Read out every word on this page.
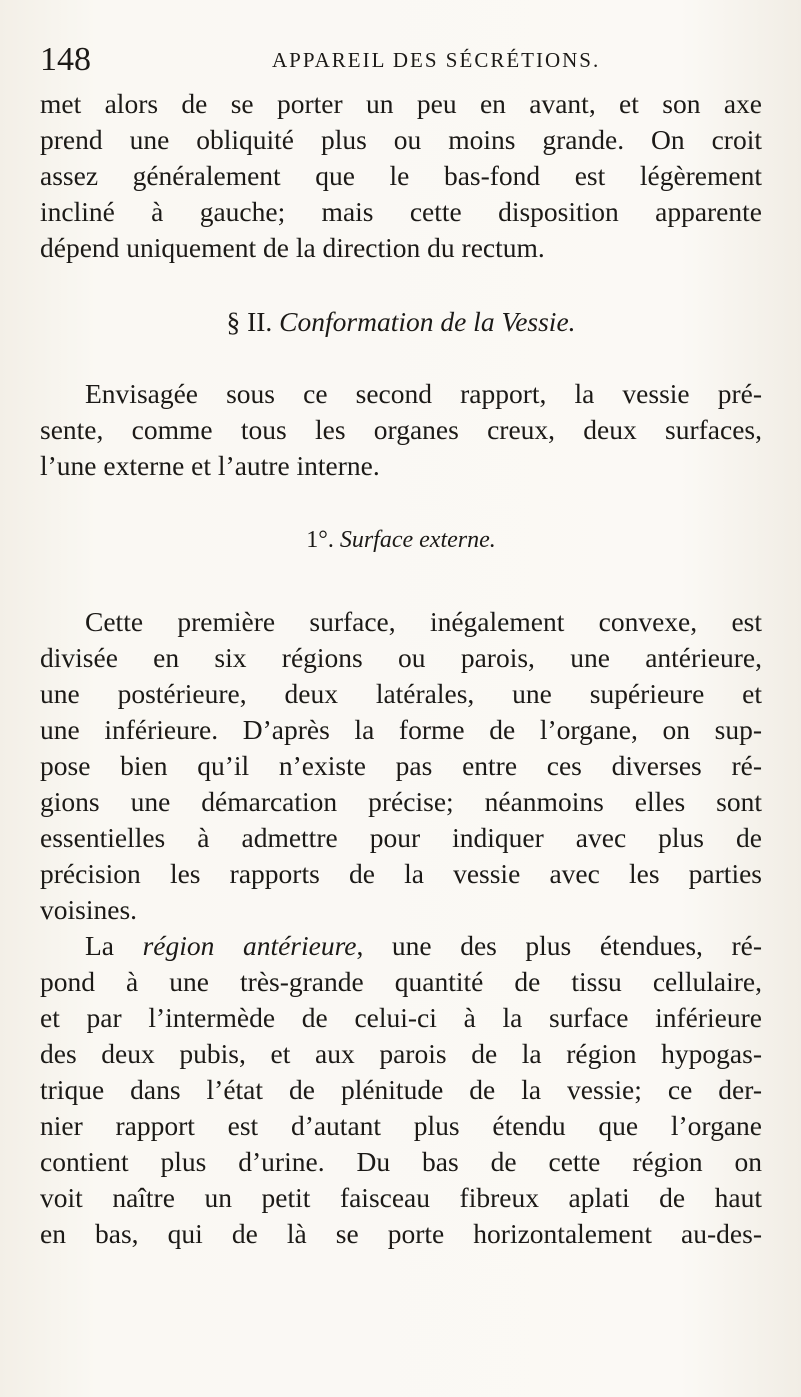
148	APPAREIL DES SÉCRÉTIONS.

met alors de se porter un peu en avant, et son axe
prend une obliquité plus ou moins grande. On croit
assez généralement que le bas-fond est légèrement
incliné à gauche; mais cette disposition apparente

dépend uniquement de la direction du rectum.

§ II. Conformation de la Vessie.

Envisagée sous ce second rapport, la vessie pré-

sente, comme tous les organes creux, deux surfaces,

l’une externe et l’autre interne.

1°. Surface externe.

Cette première surface, inégalement convexe, est

divisée en six régions ou parois, une antérieure,
une postérieure, deux latérales, une supérieure et
une inférieure. D’après la forme de l’organe, on sup-
pose bien qu’il n’existe pas entre ces diverses ré-
gions une démarcation précise; néanmoins elles sont
essentielles à admettre pour indiquer avec plus de
précision les rapports de la vessie avec les parties

voisines.

La région antérieure, une des plus étendues, ré-

pond à une très-grande quantité de tissu cellulaire,
et par l’intermède de celui-ci à la surface inférieure
des deux pubis, et aux parois de la région hypogas-
trique dans l’état de plénitude de la vessie; ce der-
nier rapport est d’autant plus étendu que l’organe
contient plus d’urine. Du bas de cette région on
voit naître un petit faisceau fibreux aplati de haut
en bas, qui de là se porte horizontalement au-des-
